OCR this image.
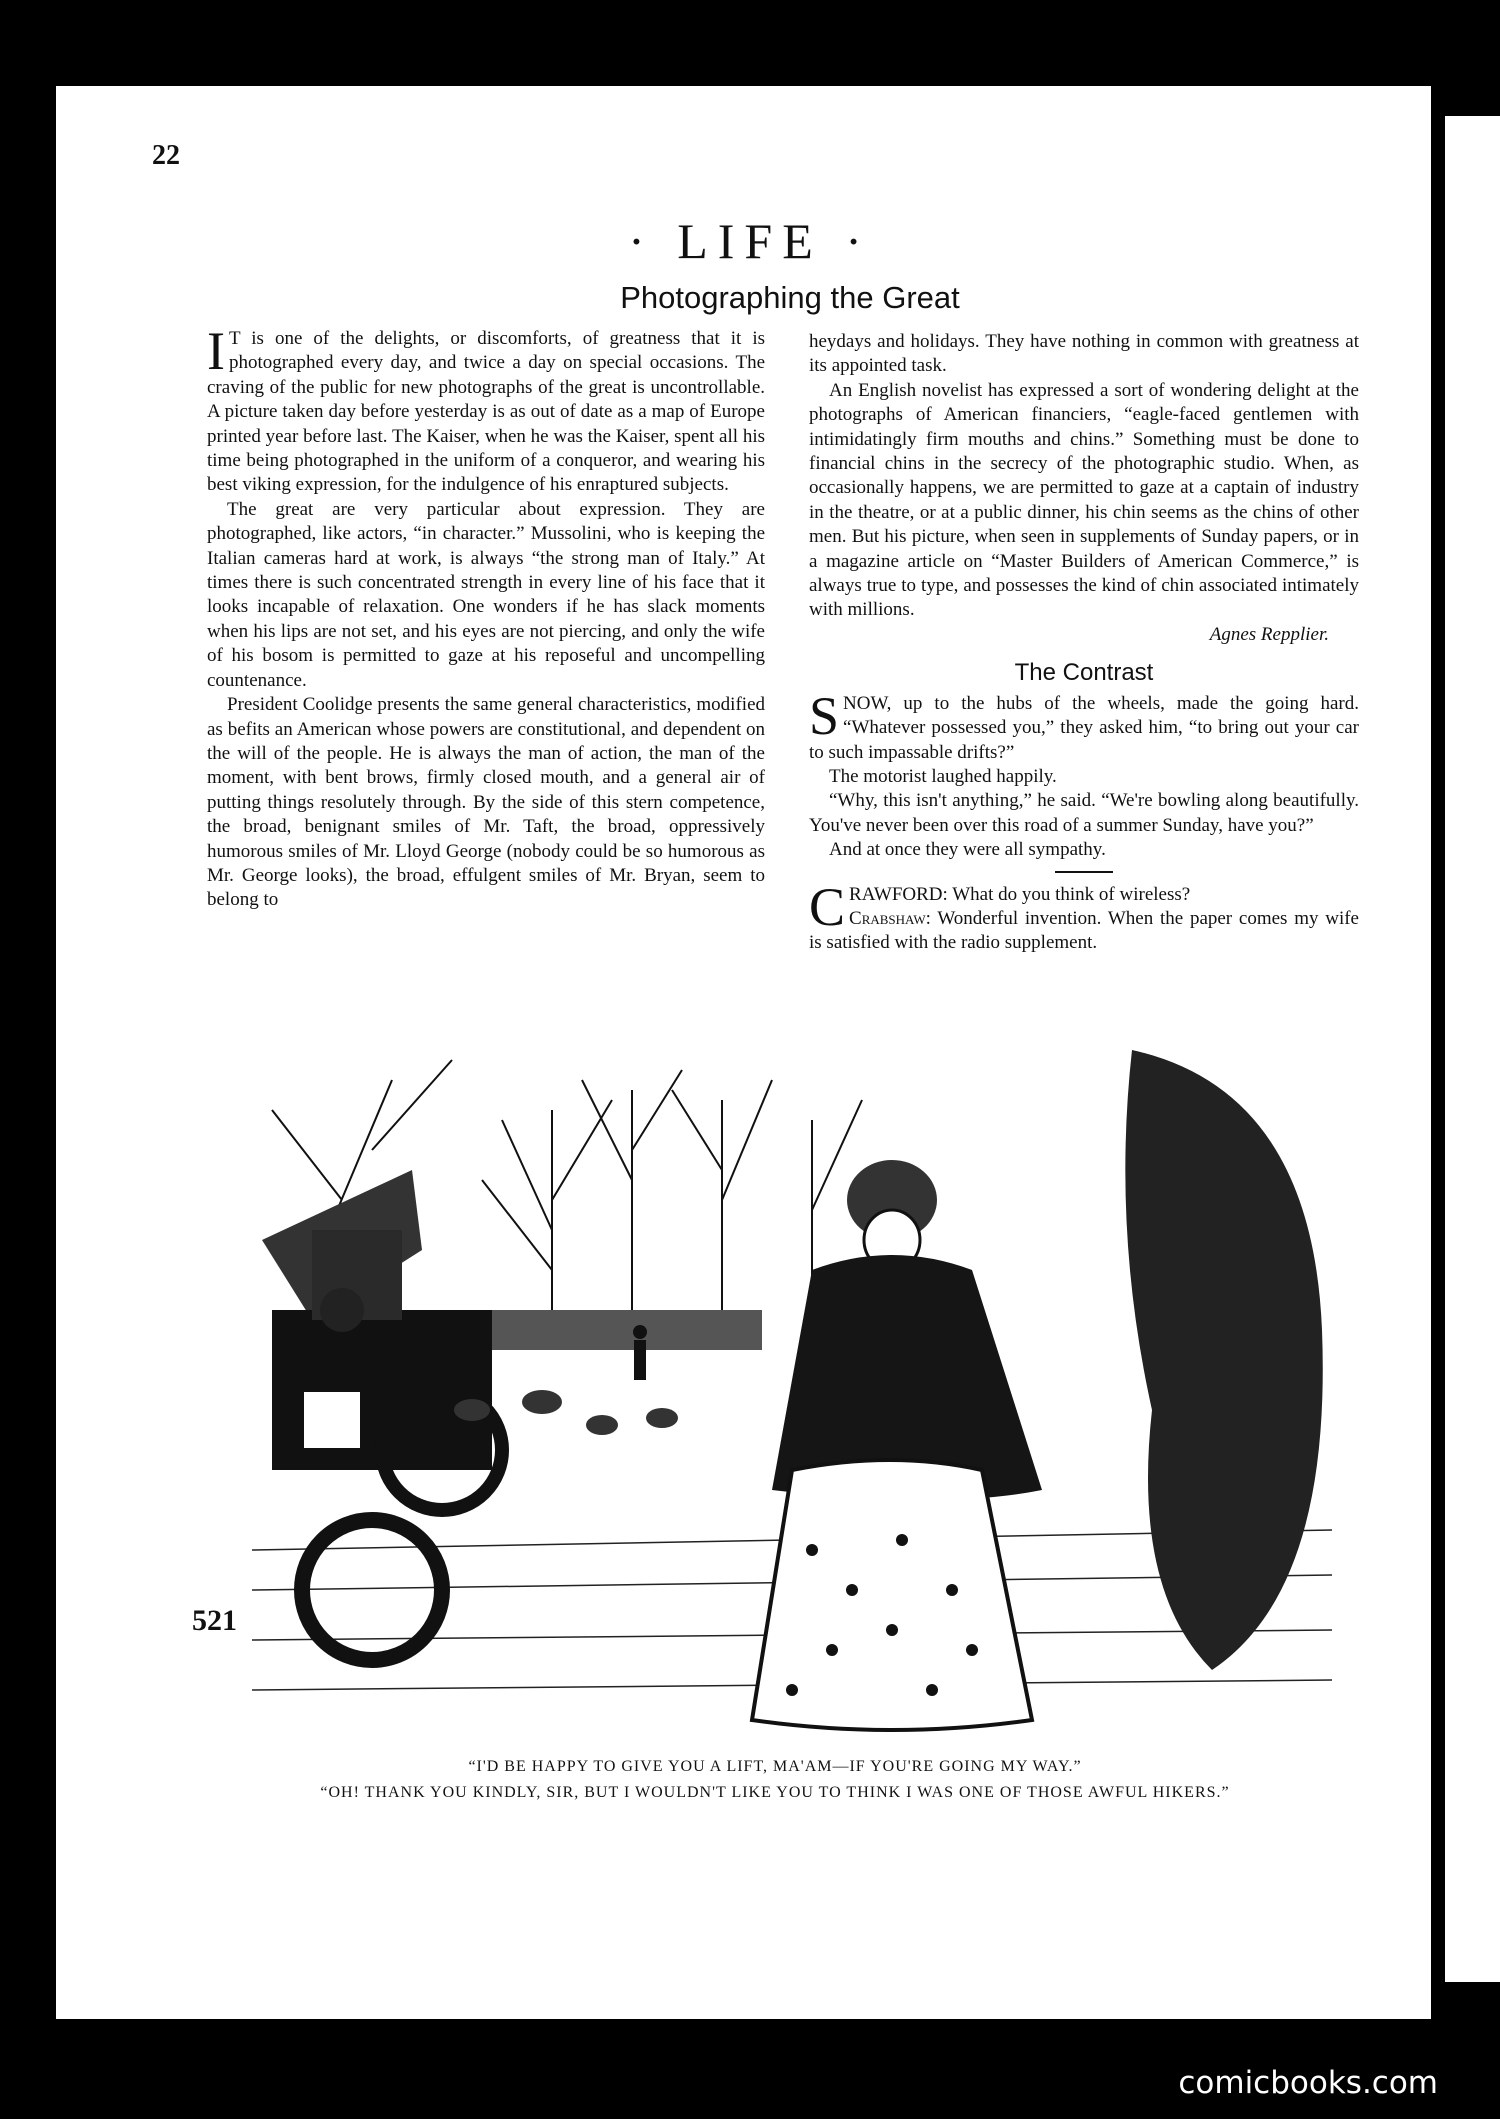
22
· LIFE ·
Photographing the Great

I T is one of the delights, or discomforts, of greatness that it is photographed every day, and twice a day on special occasions. The craving of the public for new photographs of the great is uncontrollable. A picture taken day before yesterday is as out of date as a map of Europe printed year before last. The Kaiser, when he was the Kaiser, spent all his time being photographed in the uniform of a conqueror, and wearing his best viking expression, for the indulgence of his enraptured subjects.

The great are very particular about expression. They are photographed, like actors, “in character.” Mussolini, who is keeping the Italian cameras hard at work, is always “the strong man of Italy.” At times there is such concentrated strength in every line of his face that it looks incapable of relaxation. One wonders if he has slack moments when his lips are not set, and his eyes are not piercing, and only the wife of his bosom is permitted to gaze at his reposeful and uncompelling countenance.

President Coolidge presents the same general characteristics, modified as befits an American whose powers are constitutional, and dependent on the will of the people. He is always the man of action, the man of the moment, with bent brows, firmly closed mouth, and a general air of putting things resolutely through. By the side of this stern competence, the broad, benignant smiles of Mr. Taft, the broad, oppressively humorous smiles of Mr. Lloyd George (nobody could be so humorous as Mr. George looks), the broad, effulgent smiles of Mr. Bryan, seem to belong to

heydays and holidays. They have nothing in common with greatness at its appointed task.

An English novelist has expressed a sort of wondering delight at the photographs of American financiers, “eagle-faced gentlemen with intimidatingly firm mouths and chins.” Something must be done to financial chins in the secrecy of the photographic studio. When, as occasionally happens, we are permitted to gaze at a captain of industry in the theatre, or at a public dinner, his chin seems as the chins of other men. But his picture, when seen in supplements of Sunday papers, or in a magazine article on “Master Builders of American Commerce,” is always true to type, and possesses the kind of chin associated intimately with millions.

Agnes Repplier.
The Contrast

SNOW, up to the hubs of the wheels, made the going hard. “Whatever possessed you,” they asked him, “to bring out your car to such impassable drifts?”

The motorist laughed happily.

“Why, this isn't anything,” he said. “We're bowling along beautifully. You've never been over this road of a summer Sunday, have you?”

And at once they were all sympathy.

CRAWFORD: What do you think of wireless?
Crabshaw: Wonderful invention. When the paper comes my wife is satisfied with the radio supplement.

521
“I'D BE HAPPY TO GIVE YOU A LIFT, MA'AM—IF YOU'RE GOING MY WAY.”
“OH! THANK YOU KINDLY, SIR, BUT I WOULDN'T LIKE YOU TO THINK I WAS ONE OF THOSE AWFUL HIKERS.”
comicbooks.com
